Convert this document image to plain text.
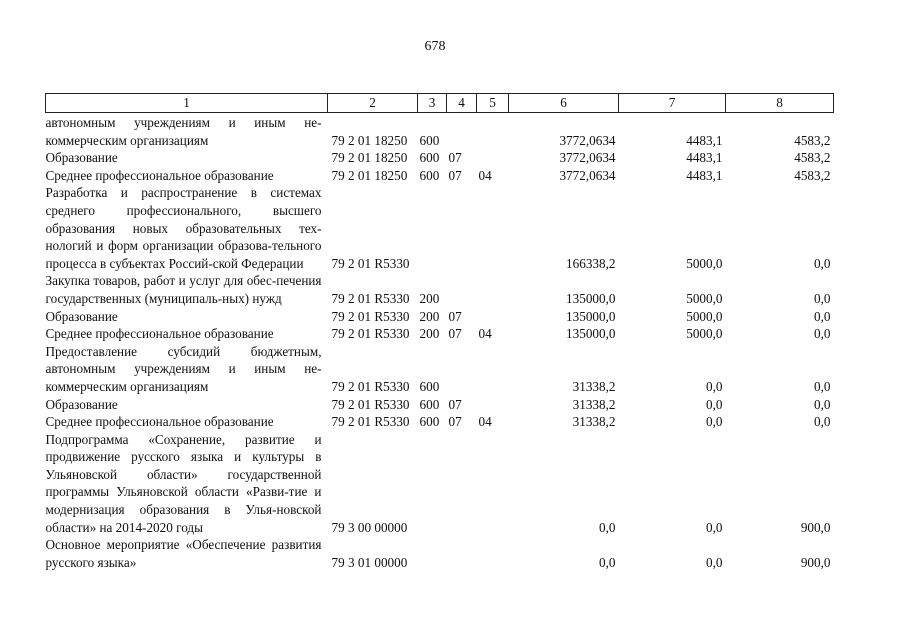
678
1	2	3	4	5	6	7	8
автономным учреждениям и иным не-коммерческим организациям	79 2 01 18250	600			3772,0634	4483,1	4583,2
Образование	79 2 01 18250	600	07		3772,0634	4483,1	4583,2
Среднее профессиональное образование	79 2 01 18250	600	07	04	3772,0634	4483,1	4583,2
Разработка и распространение в системах среднего профессионального, высшего образования новых образовательных тех-нологий и форм организации образова-тельного процесса в субъектах Россий-ской Федерации	79 2 01 R5330				166338,2	5000,0	0,0
Закупка товаров, работ и услуг для обес-печения государственных (муниципаль-ных) нужд	79 2 01 R5330	200			135000,0	5000,0	0,0
Образование	79 2 01 R5330	200	07		135000,0	5000,0	0,0
Среднее профессиональное образование	79 2 01 R5330	200	07	04	135000,0	5000,0	0,0
Предоставление субсидий бюджетным, автономным учреждениям и иным не-коммерческим организациям	79 2 01 R5330	600			31338,2	0,0	0,0
Образование	79 2 01 R5330	600	07		31338,2	0,0	0,0
Среднее профессиональное образование	79 2 01 R5330	600	07	04	31338,2	0,0	0,0
Подпрограмма «Сохранение, развитие и продвижение русского языка и культуры в Ульяновской области» государственной программы Ульяновской области «Разви-тие и модернизация образования в Улья-новской области» на 2014-2020 годы	79 3 00 00000				0,0	0,0	900,0
Основное мероприятие «Обеспечение развития русского языка»	79 3 01 00000				0,0	0,0	900,0
